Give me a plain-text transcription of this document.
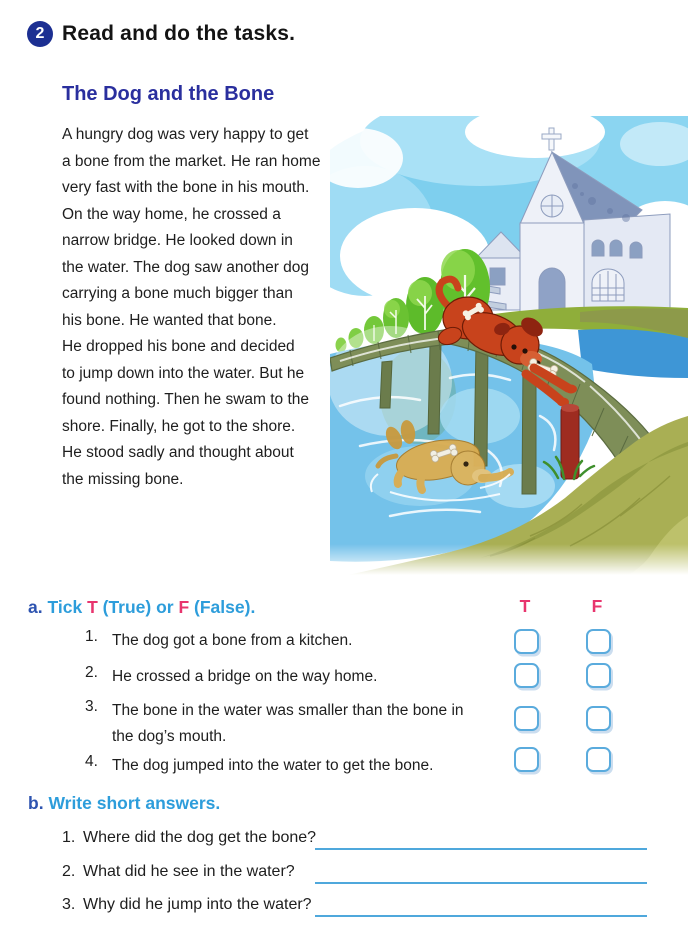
2 Read and do the tasks.
The Dog and the Bone
A hungry dog was very happy to get
a bone from the market. He ran home
very fast with the bone in his mouth.
On the way home, he crossed a
narrow bridge. He looked down in
the water. The dog saw another dog
carrying a bone much bigger than
his bone. He wanted that bone.
He dropped his bone and decided
to jump down into the water. But he
found nothing. Then he swam to the
shore. Finally, he got to the shore.
He stood sadly and thought about
the missing bone.
a. Tick T (True) or F (False).	T	F
1. The dog got a bone from a kitchen.
2. He crossed a bridge on the way home.
3. The bone in the water was smaller than the bone in the dog’s mouth.
4. The dog jumped into the water to get the bone.
b. Write short answers.
1. Where did the dog get the bone?
2. What did he see in the water?
3. Why did he jump into the water?
